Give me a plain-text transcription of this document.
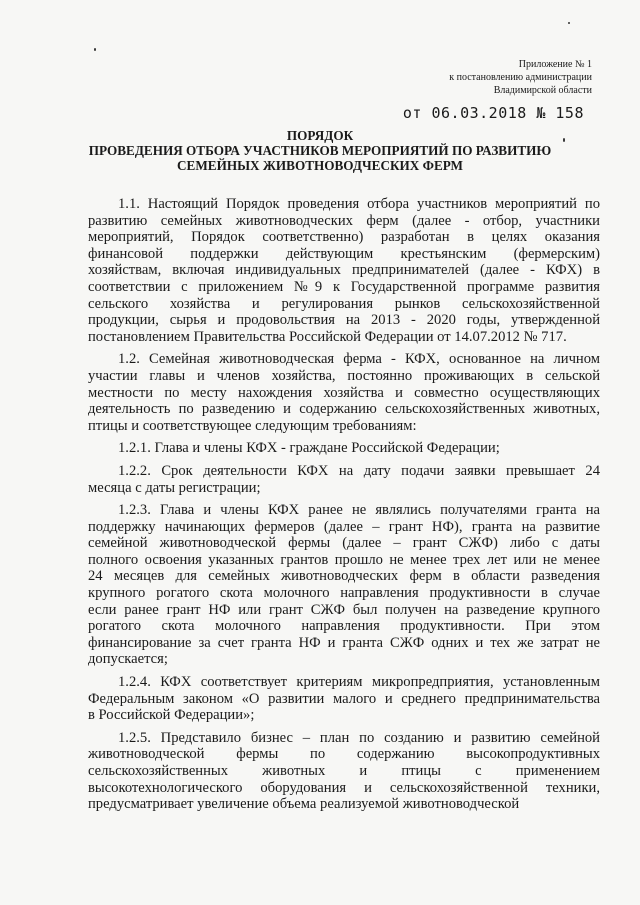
Приложение № 1
к постановлению администрации
Владимирской области
от 06.03.2018 № 158
ПОРЯДОК
ПРОВЕДЕНИЯ ОТБОРА УЧАСТНИКОВ МЕРОПРИЯТИЙ ПО РАЗВИТИЮ
СЕМЕЙНЫХ ЖИВОТНОВОДЧЕСКИХ ФЕРМ
1.1. Настоящий Порядок проведения отбора участников мероприятий по
развитию семейных животноводческих ферм (далее - отбор, участники
мероприятий, Порядок соответственно) разработан в целях оказания
финансовой поддержки действующим крестьянским (фермерским)
хозяйствам, включая индивидуальных предпринимателей (далее - КФХ) в
соответствии с приложением №9 к Государственной программе развития
сельского хозяйства и регулирования рынков сельскохозяйственной
продукции, сырья и продовольствия на 2013 - 2020 годы, утвержденной
постановлением Правительства Российской Федерации от 14.07.2012 № 717.
1.2. Семейная животноводческая ферма - КФХ, основанное на личном
участии главы и членов хозяйства, постоянно проживающих в сельской
местности по месту нахождения хозяйства и совместно осуществляющих
деятельность по разведению и содержанию сельскохозяйственных животных,
птицы и соответствующее следующим требованиям:
1.2.1. Глава и члены КФХ - граждане Российской Федерации;
1.2.2. Срок деятельности КФХ на дату подачи заявки превышает 24
месяца с даты регистрации;
1.2.3. Глава и члены КФХ ранее не являлись получателями гранта на
поддержку начинающих фермеров (далее – грант НФ), гранта на развитие
семейной животноводческой фермы (далее – грант СЖФ) либо с даты
полного освоения указанных грантов прошло не менее трех лет или не менее
24 месяцев для семейных животноводческих ферм в области разведения
крупного рогатого скота молочного направления продуктивности в случае
если ранее грант НФ или грант СЖФ был получен на разведение крупного
рогатого скота молочного направления продуктивности. При этом
финансирование за счет гранта НФ и гранта СЖФ одних и тех же затрат не
допускается;
1.2.4. КФХ соответствует критериям микропредприятия, установленным
Федеральным законом «О развитии малого и среднего предпринимательства
в Российской Федерации»;
1.2.5. Представило бизнес – план по созданию и развитию семейной
животноводческой фермы по содержанию высокопродуктивных
сельскохозяйственных животных и птицы с применением
высокотехнологического оборудования и сельскохозяйственной техники,
предусматривает увеличение объема реализуемой животноводческой
